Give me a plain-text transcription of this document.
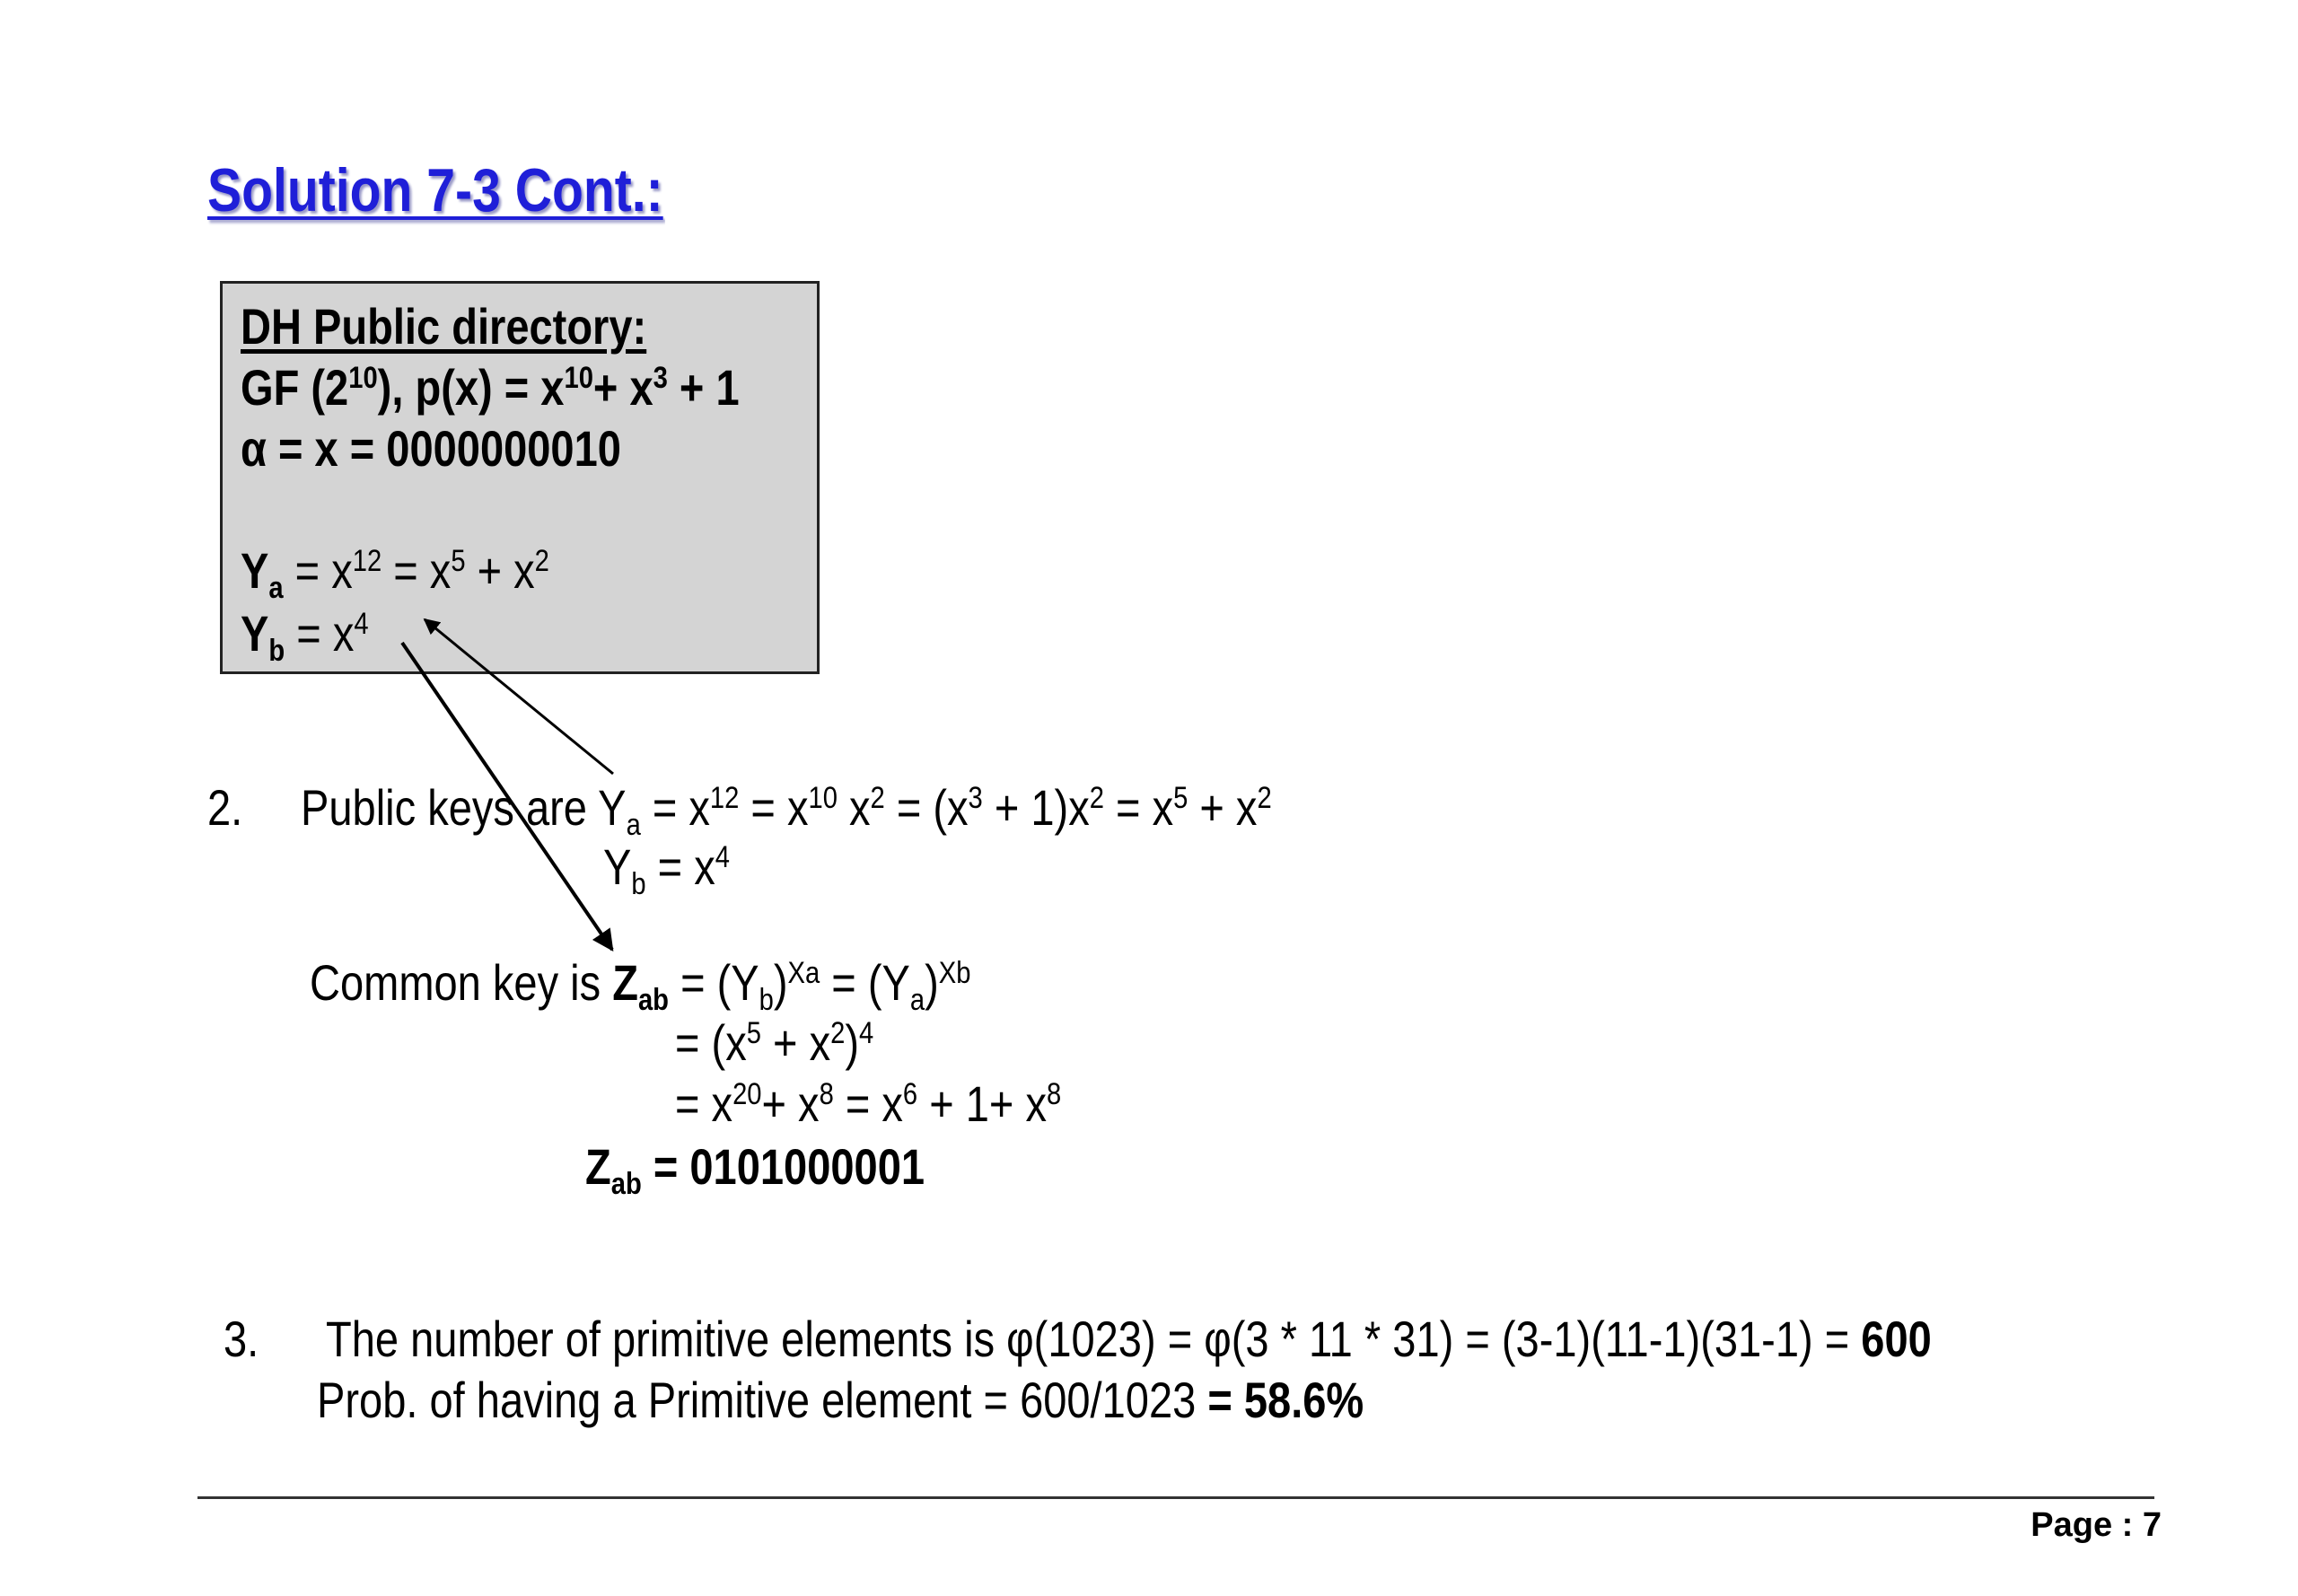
Solution 7-3 Cont.:
DH Public directory:
GF $(2^{10})$, $p(x) = x^{10}+ x^3 + 1$
α = x = 0000000010
$Y_a = x^{12} = x^5 + x^2$
$Y_b = x^4$
2. Public keys are $Y_a = x^{12} = x^{10}$ $x^2 = (x^3 + 1)x^2 = x^5 + x^2$
$Y_b = x^4$
Common key is $Z_{ab} = (Y_b)^{Xa} = (Y_a)^{Xb}$
= $(x^5 + x^2)^4$
= $x^{20}+ x^8 = x^6 + 1+ x^8$
$Z_{ab} = 0101000001$
3. The number of primitive elements is φ(1023) = φ(3 * 11 * 31) = (3-1)(11-1)(31-1) = 600
Prob. of having a Primitive element = 600/1023 = 58.6%
Page : 7
